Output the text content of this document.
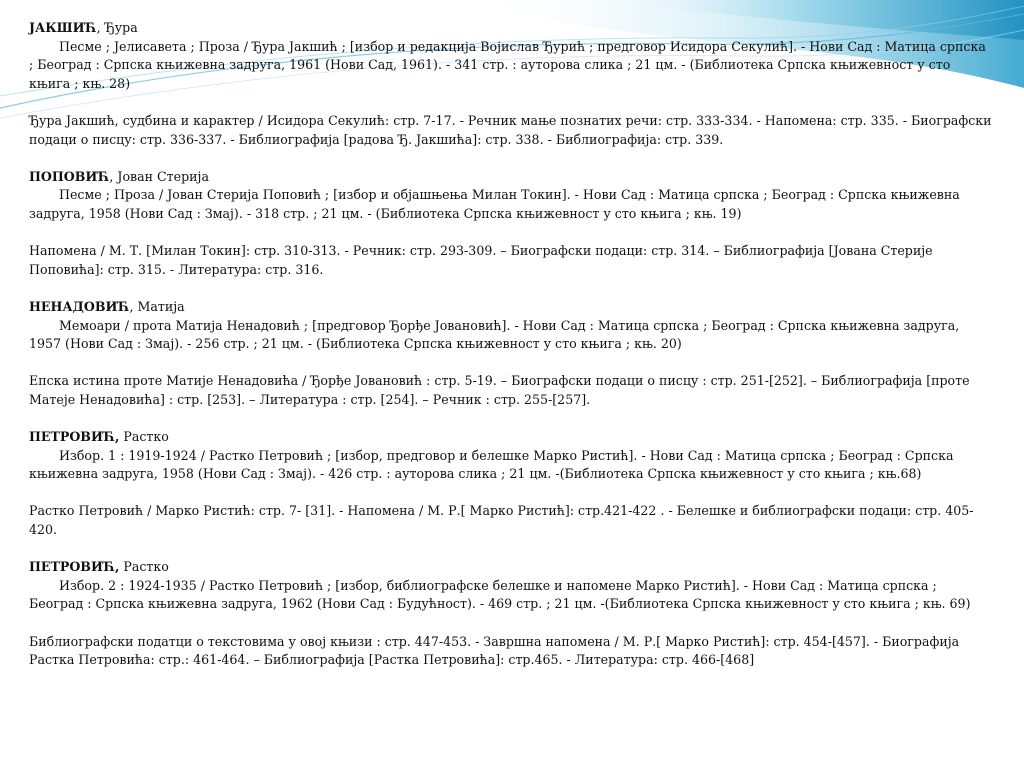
ЈАКШИЋ, Ђура

Песме ; Јелисавета ; Проза / Ђура Јакшић ; [избор и редакција Војислав Ђурић ; предговор Исидора Секулић]. - Нови Сад : Матица српска ; Београд : Српска књижевна задруга, 1961 (Нови Сад, 1961). - 341 стр. : ауторова слика ; 21 цм. - (Библиотека Српска књижевност у сто књига ; књ. 28)

Ђура Јакшић, судбина и карактер / Исидора Секулић: стр. 7-17. - Речник мање познатих речи: стр. 333-334. - Напомена: стр. 335. - Биографски подаци о писцу: стр. 336-337. - Библиографија [радова Ђ. Јакшића]: стр. 338. - Библиографија: стр. 339.

ПОПОВИЋ, Јован Стерија

Песме ; Проза / Јован Стерија Поповић ; [избор и објашњења Милан Токин]. - Нови Сад : Матица српска ; Београд : Српска књижевна задруга, 1958 (Нови Сад : Змај). - 318 стр. ; 21 цм. - (Библиотека Српска књижевност у сто књига ; књ. 19)

Напомена / М. Т. [Милан Токин]: стр. 310-313. - Речник: стр. 293-309. – Биографски подаци: стр. 314. – Библиографија [Јована Стерије Поповића]: стр. 315. - Литература: стр. 316.

НЕНАДОВИЋ, Матија

Мемоари / прота Матија Ненадовић ; [предговор Ђорђе Јовановић]. - Нови Сад : Матица српска ; Београд : Српска књижевна задруга, 1957 (Нови Сад : Змај). - 256 стр. ; 21 цм. - (Библиотека Српска књижевност у сто књига ; књ. 20)

Епска истина проте Матије Ненадовића / Ђорђе Јовановић : стр. 5-19. – Биографски подаци о писцу : стр. 251-[252]. – Библиографија [проте Матеје Ненадовића] : стр. [253]. – Литература : стр. [254]. – Речник : стр. 255-[257].

ПЕТРОВИЋ, Растко

Избор. 1 : 1919-1924 / Растко Петровић ; [избор, предговор и белешке Марко Ристић]. - Нови Сад : Матица српска ; Београд : Српска књижевна задруга, 1958 (Нови Сад : Змај). - 426 стр. : ауторова слика ; 21 цм. -(Библиотека Српска књижевност у сто књига ; књ.68)

Растко Петровић / Марко Ристић: стр. 7- [31]. - Напомена / М. Р.[ Марко Ристић]: стр.421-422 . - Белешке и библиографски подаци: стр. 405-420.

ПЕТРОВИЋ, Растко

Избор. 2 : 1924-1935 / Растко Петровић ; [избор, библиографске белешке и напомене Марко Ристић]. - Нови Сад : Матица српска ; Београд : Српска књижевна задруга, 1962 (Нови Сад : Будућност). - 469 стр. ; 21 цм. -(Библиотека Српска књижевност у сто књига ; књ. 69)

Библиографски податци о текстовима у овој књизи : стр. 447-453. - Завршна напомена / М. Р.[ Марко Ристић]: стр. 454-[457]. - Биографија Растка Петровића: стр.: 461-464. – Библиографија [Растка Петровића]: стр.465. - Литература: стр. 466-[468]
